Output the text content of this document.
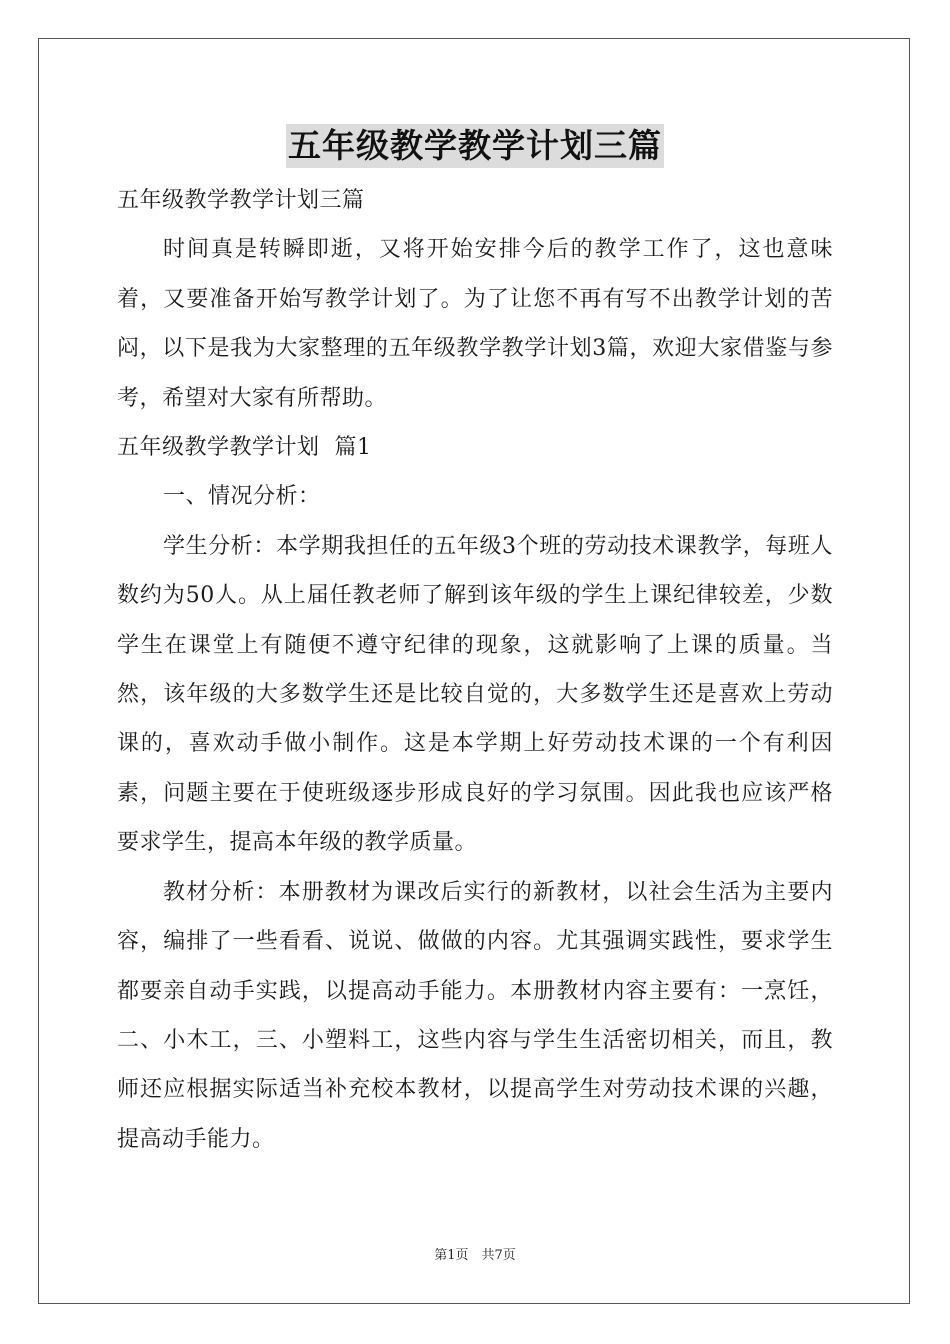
五年级教学教学计划三篇

五年级教学教学计划三篇

时间真是转瞬即逝，又将开始安排今后的教学工作了，这也意味着，又要准备开始写教学计划了。为了让您不再有写不出教学计划的苦闷，以下是我为大家整理的五年级教学教学计划3篇，欢迎大家借鉴与参考，希望对大家有所帮助。

五年级教学教学计划  篇1

一、情况分析：

学生分析：本学期我担任的五年级3个班的劳动技术课教学，每班人数约为50人。从上届任教老师了解到该年级的学生上课纪律较差，少数学生在课堂上有随便不遵守纪律的现象，这就影响了上课的质量。当然，该年级的大多数学生还是比较自觉的，大多数学生还是喜欢上劳动课的，喜欢动手做小制作。这是本学期上好劳动技术课的一个有利因素，问题主要在于使班级逐步形成良好的学习氛围。因此我也应该严格要求学生，提高本年级的教学质量。

教材分析：本册教材为课改后实行的新教材，以社会生活为主要内容，编排了一些看看、说说、做做的内容。尤其强调实践性，要求学生都要亲自动手实践，以提高动手能力。本册教材内容主要有：一烹饪，二、小木工，三、小塑料工，这些内容与学生生活密切相关，而且，教师还应根据实际适当补充校本教材，以提高学生对劳动技术课的兴趣，提高动手能力。

第1页　共7页
